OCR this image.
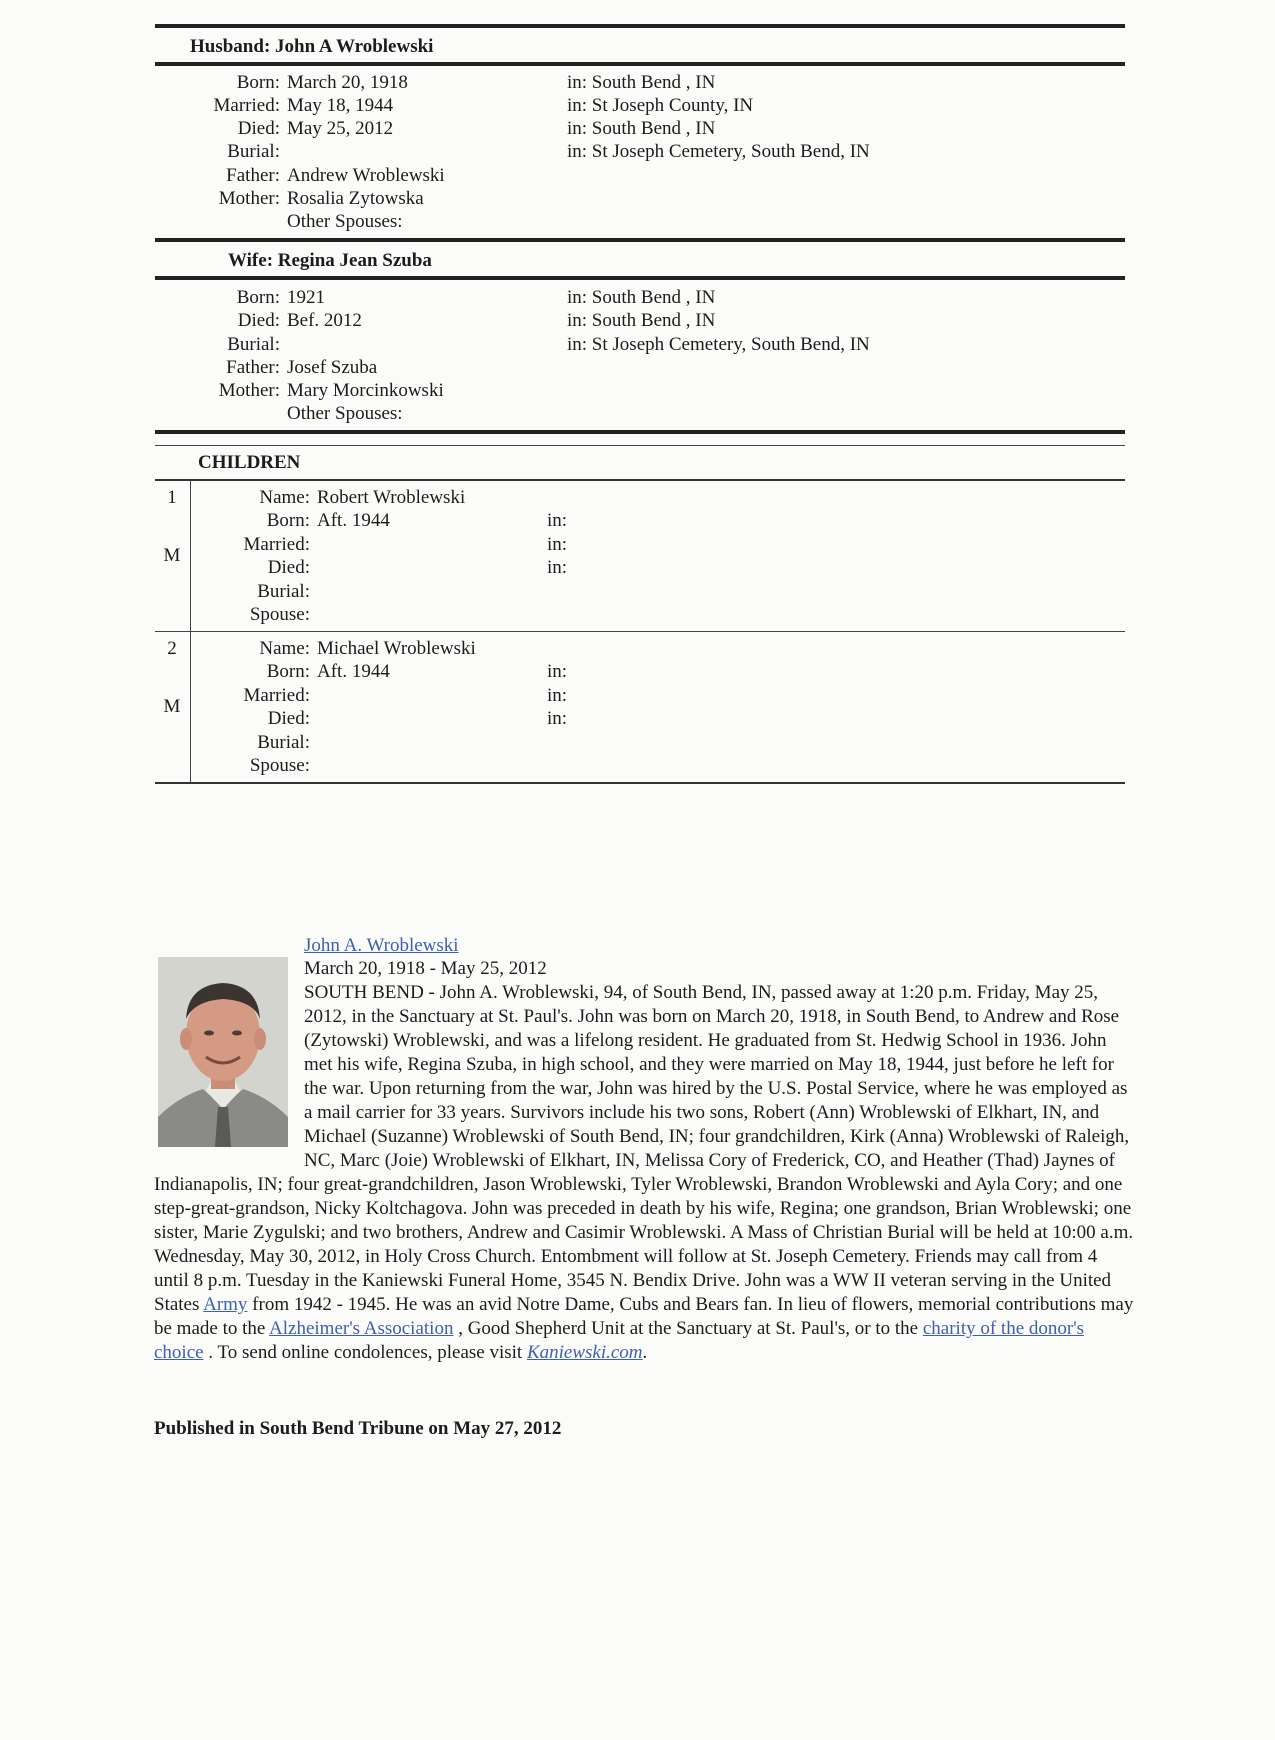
Husband: John A Wroblewski
Born: March 20, 1918	in: South Bend , IN
Married: May 18, 1944	in: St Joseph County, IN
Died: May 25, 2012	in: South Bend , IN
Burial:	in: St Joseph Cemetery, South Bend, IN
Father: Andrew Wroblewski
Mother: Rosalia Zytowska
Other Spouses:
Wife: Regina Jean Szuba
Born: 1921	in: South Bend , IN
Died: Bef. 2012	in: South Bend , IN
Burial:	in: St Joseph Cemetery, South Bend, IN
Father: Josef Szuba
Mother: Mary Morcinkowski
Other Spouses:
CHILDREN
1
M
Name: Robert Wroblewski
Born: Aft. 1944	in:
Married:	in:
Died:	in:
Burial:
Spouse:
2
M
Name: Michael Wroblewski
Born: Aft. 1944	in:
Married:	in:
Died:	in:
Burial:
Spouse:
John A. Wroblewski
March 20, 1918 - May 25, 2012
SOUTH BEND - John A. Wroblewski, 94, of South Bend, IN, passed away at 1:20 p.m. Friday, May 25, 2012, in the Sanctuary at St. Paul's. John was born on March 20, 1918, in South Bend, to Andrew and Rose (Zytowski) Wroblewski, and was a lifelong resident. He graduated from St. Hedwig School in 1936. John met his wife, Regina Szuba, in high school, and they were married on May 18, 1944, just before he left for the war. Upon returning from the war, John was hired by the U.S. Postal Service, where he was employed as a mail carrier for 33 years. Survivors include his two sons, Robert (Ann) Wroblewski of Elkhart, IN, and Michael (Suzanne) Wroblewski of South Bend, IN; four grandchildren, Kirk (Anna) Wroblewski of Raleigh, NC, Marc (Joie) Wroblewski of Elkhart, IN, Melissa Cory of Frederick, CO, and Heather (Thad) Jaynes of Indianapolis, IN; four great-grandchildren, Jason Wroblewski, Tyler Wroblewski, Brandon Wroblewski and Ayla Cory; and one step-great-grandson, Nicky Koltchagova. John was preceded in death by his wife, Regina; one grandson, Brian Wroblewski; one sister, Marie Zygulski; and two brothers, Andrew and Casimir Wroblewski. A Mass of Christian Burial will be held at 10:00 a.m. Wednesday, May 30, 2012, in Holy Cross Church. Entombment will follow at St. Joseph Cemetery. Friends may call from 4 until 8 p.m. Tuesday in the Kaniewski Funeral Home, 3545 N. Bendix Drive. John was a WW II veteran serving in the United States Army from 1942 - 1945. He was an avid Notre Dame, Cubs and Bears fan. In lieu of flowers, memorial contributions may be made to the Alzheimer's Association , Good Shepherd Unit at the Sanctuary at St. Paul's, or to the charity of the donor's choice . To send online condolences, please visit Kaniewski.com.
Published in South Bend Tribune on May 27, 2012
